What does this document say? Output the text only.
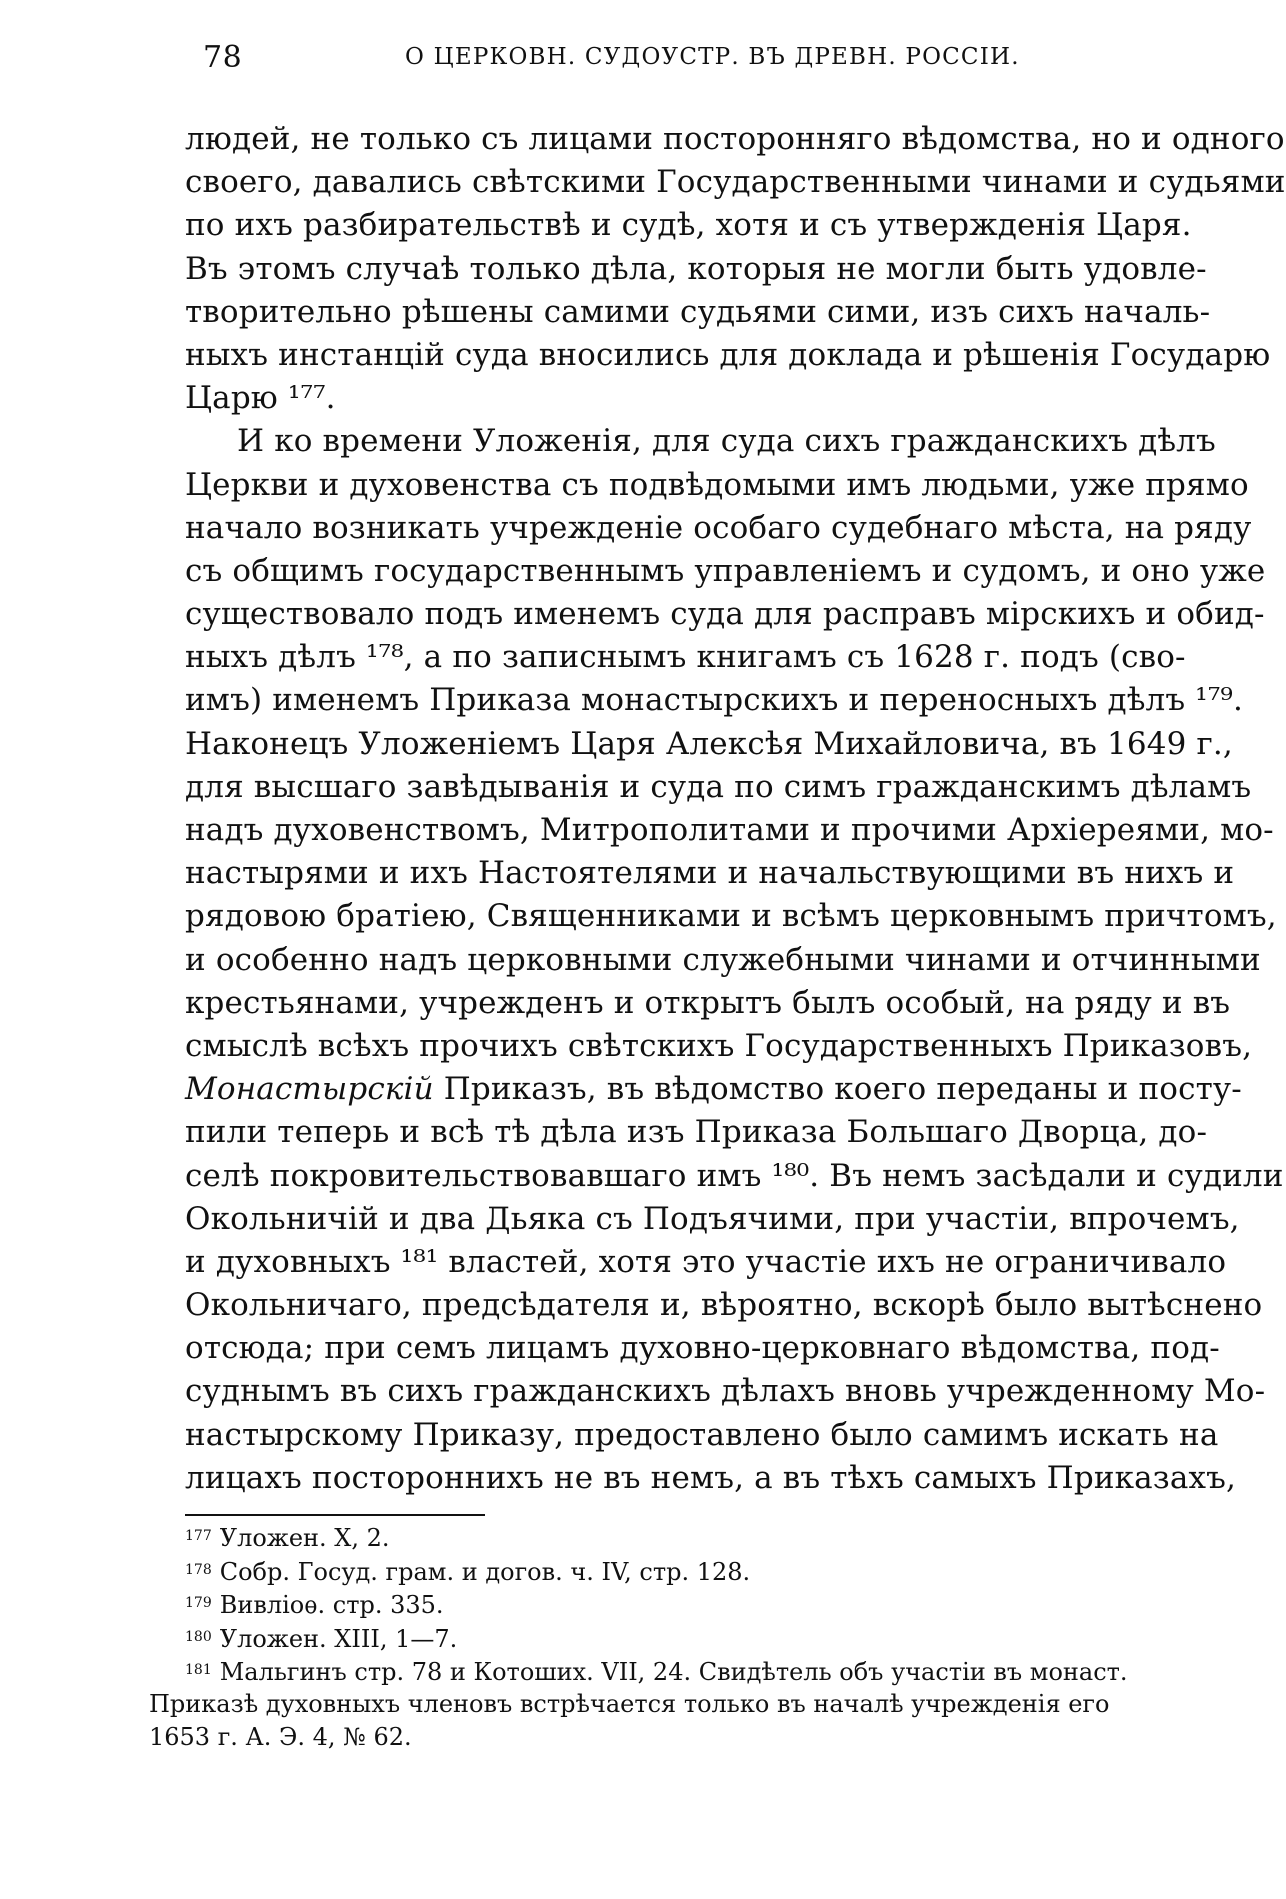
78	О ЦЕРКОВН. СУДОУСТР. ВЪ ДРЕВН. РОССІИ.
людей, не только съ лицами посторонняго вѣдомства, но и одного
своего, давались свѣтскими Государственными чинами и судьями
по ихъ разбирательствѣ и судѣ, хотя и съ утвержденія Царя.
Въ этомъ случаѣ только дѣла, которыя не могли быть удовле-
творительно рѣшены самими судьями сими, изъ сихъ началь-
ныхъ инстанцій суда вносились для доклада и рѣшенія Государю
Царю ¹⁷⁷.
И ко времени Уложенія, для суда сихъ гражданскихъ дѣлъ
Церкви и духовенства съ подвѣдомыми имъ людьми, уже прямо
начало возникать учрежденіе особаго судебнаго мѣста, на ряду
съ общимъ государственнымъ управленіемъ и судомъ, и оно уже
существовало подъ именемъ суда для расправъ мірскихъ и обид-
ныхъ дѣлъ ¹⁷⁸, а по записнымъ книгамъ съ 1628 г. подъ (сво-
имъ) именемъ Приказа монастырскихъ и переносныхъ дѣлъ ¹⁷⁹.
Наконецъ Уложеніемъ Царя Алексѣя Михайловича, въ 1649 г.,
для высшаго завѣдыванія и суда по симъ гражданскимъ дѣламъ
надъ духовенствомъ, Митрополитами и прочими Архіереями, мо-
настырями и ихъ Настоятелями и начальствующими въ нихъ и
рядовою братіею, Священниками и всѣмъ церковнымъ причтомъ,
и особенно надъ церковными служебными чинами и отчинными
крестьянами, учрежденъ и открытъ былъ особый, на ряду и въ
смыслѣ всѣхъ прочихъ свѣтскихъ Государственныхъ Приказовъ,
Монастырскій Приказъ, въ вѣдомство коего переданы и посту-
пили теперь и всѣ тѣ дѣла изъ Приказа Большаго Дворца, до-
селѣ покровительствовавшаго имъ ¹⁸⁰. Въ немъ засѣдали и судили
Окольничій и два Дьяка съ Подъячими, при участіи, впрочемъ,
и духовныхъ ¹⁸¹ властей, хотя это участіе ихъ не ограничивало
Окольничаго, предсѣдателя и, вѣроятно, вскорѣ было вытѣснено
отсюда; при семъ лицамъ духовно-церковнаго вѣдомства, под-
суднымъ въ сихъ гражданскихъ дѣлахъ вновь учрежденному Мо-
настырскому Приказу, предоставлено было самимъ искать на
лицахъ постороннихъ не въ немъ, а въ тѣхъ самыхъ Приказахъ,
$^{177}$ Уложен. X, 2.
$^{178}$ Собр. Госуд. грам. и догов. ч. IV, стр. 128.
$^{179}$ Вивліоѳ. стр. 335.
$^{180}$ Уложен. XIII, 1—7.
$^{181}$ Мальгинъ стр. 78 и Котоших. VII, 24. Свидѣтель объ участіи въ монаст.
Приказѣ духовныхъ членовъ встрѣчается только въ началѣ учрежденія его
1653 г. А. Э. 4, № 62.
